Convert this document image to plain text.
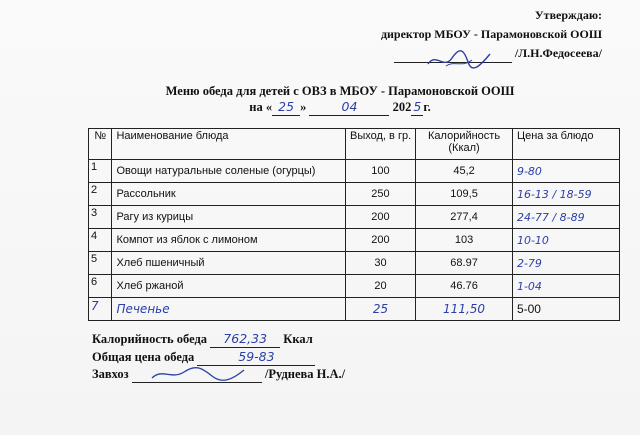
Утверждаю:
директор МБОУ - Парамоновской ООШ
/Л.Н.Федосеева/
Меню обеда для детей с ОВЗ в МБОУ - Парамоновской ООШ
на « 25 »	04	202 5 г.
№	Наименование блюда	Выход, в гр.	Калорийность (Ккал)	Цена за блюдо
1	Овощи натуральные соленые (огурцы)	100	45,2	9-80
2	Рассольник	250	109,5	16-13 / 18-59
3	Рагу из курицы	200	277,4	24-77 / 8-89
4	Компот из яблок с лимоном	200	103	10-10
5	Хлеб пшеничный	30	68.97	2-79
6	Хлеб ржаной	20	46.76	1-04
7	Печенье	25	111,50	5-00
Калорийность обеда 762,33 Ккал
Общая цена обеда	59-83
Завхоз	/Руднева Н.А./
